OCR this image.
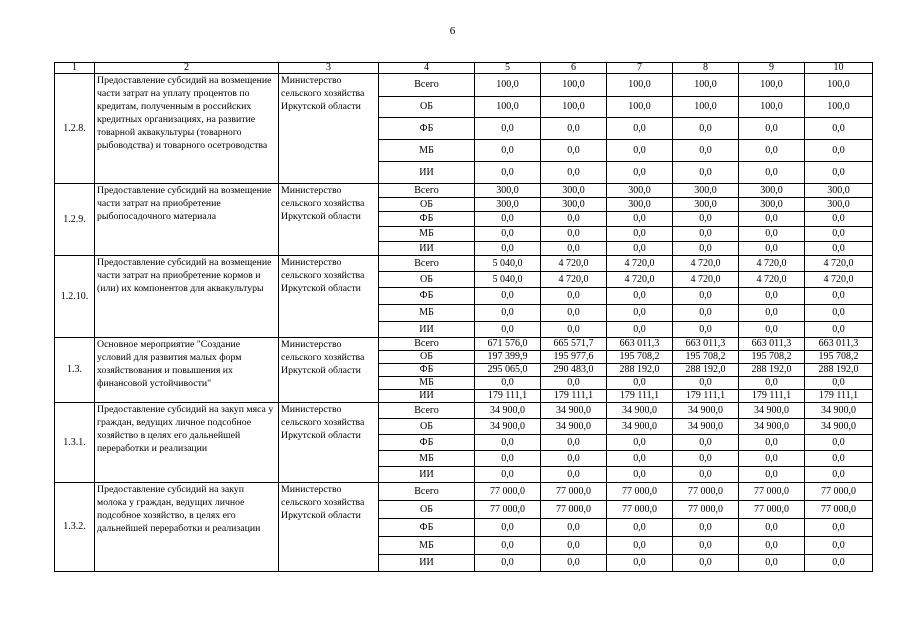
6
1	2	3	4	5	6	7	8	9	10
1.2.8.	Предоставление субсидий на возмещение части затрат на уплату процентов по кредитам, полученным в российских кредитных организациях, на развитие товарной аквакультуры (товарного рыбоводства) и товарного осетроводства	Министерство сельского хозяйства Иркутской области	Всего	100,0	100,0	100,0	100,0	100,0	100,0
			ОБ	100,0	100,0	100,0	100,0	100,0	100,0
			ФБ	0,0	0,0	0,0	0,0	0,0	0,0
			МБ	0,0	0,0	0,0	0,0	0,0	0,0
			ИИ	0,0	0,0	0,0	0,0	0,0	0,0
1.2.9.	Предоставление субсидий на возмещение части затрат на приобретение рыбопосадочного материала	Министерство сельского хозяйства Иркутской области	Всего	300,0	300,0	300,0	300,0	300,0	300,0
			ОБ	300,0	300,0	300,0	300,0	300,0	300,0
			ФБ	0,0	0,0	0,0	0,0	0,0	0,0
			МБ	0,0	0,0	0,0	0,0	0,0	0,0
			ИИ	0,0	0,0	0,0	0,0	0,0	0,0
1.2.10.	Предоставление субсидий на возмещение части затрат на приобретение кормов и (или) их компонентов для аквакультуры	Министерство сельского хозяйства Иркутской области	Всего	5 040,0	4 720,0	4 720,0	4 720,0	4 720,0	4 720,0
			ОБ	5 040,0	4 720,0	4 720,0	4 720,0	4 720,0	4 720,0
			ФБ	0,0	0,0	0,0	0,0	0,0	0,0
			МБ	0,0	0,0	0,0	0,0	0,0	0,0
			ИИ	0,0	0,0	0,0	0,0	0,0	0,0
1.3.	Основное мероприятие "Создание условий для развития малых форм хозяйствования и повышения их финансовой устойчивости"	Министерство сельского хозяйства Иркутской области	Всего	671 576,0	665 571,7	663 011,3	663 011,3	663 011,3	663 011,3
			ОБ	197 399,9	195 977,6	195 708,2	195 708,2	195 708,2	195 708,2
			ФБ	295 065,0	290 483,0	288 192,0	288 192,0	288 192,0	288 192,0
			МБ	0,0	0,0	0,0	0,0	0,0	0,0
			ИИ	179 111,1	179 111,1	179 111,1	179 111,1	179 111,1	179 111,1
1.3.1.	Предоставление субсидий на закуп мяса у граждан, ведущих личное подсобное хозяйство в целях его дальнейшей переработки и реализации	Министерство сельского хозяйства Иркутской области	Всего	34 900,0	34 900,0	34 900,0	34 900,0	34 900,0	34 900,0
			ОБ	34 900,0	34 900,0	34 900,0	34 900,0	34 900,0	34 900,0
			ФБ	0,0	0,0	0,0	0,0	0,0	0,0
			МБ	0,0	0,0	0,0	0,0	0,0	0,0
			ИИ	0,0	0,0	0,0	0,0	0,0	0,0
1.3.2.	Предоставление субсидий на закуп молока у граждан, ведущих личное подсобное хозяйство, в целях его дальнейшей переработки и реализации	Министерство сельского хозяйства Иркутской области	Всего	77 000,0	77 000,0	77 000,0	77 000,0	77 000,0	77 000,0
			ОБ	77 000,0	77 000,0	77 000,0	77 000,0	77 000,0	77 000,0
			ФБ	0,0	0,0	0,0	0,0	0,0	0,0
			МБ	0,0	0,0	0,0	0,0	0,0	0,0
			ИИ	0,0	0,0	0,0	0,0	0,0	0,0
